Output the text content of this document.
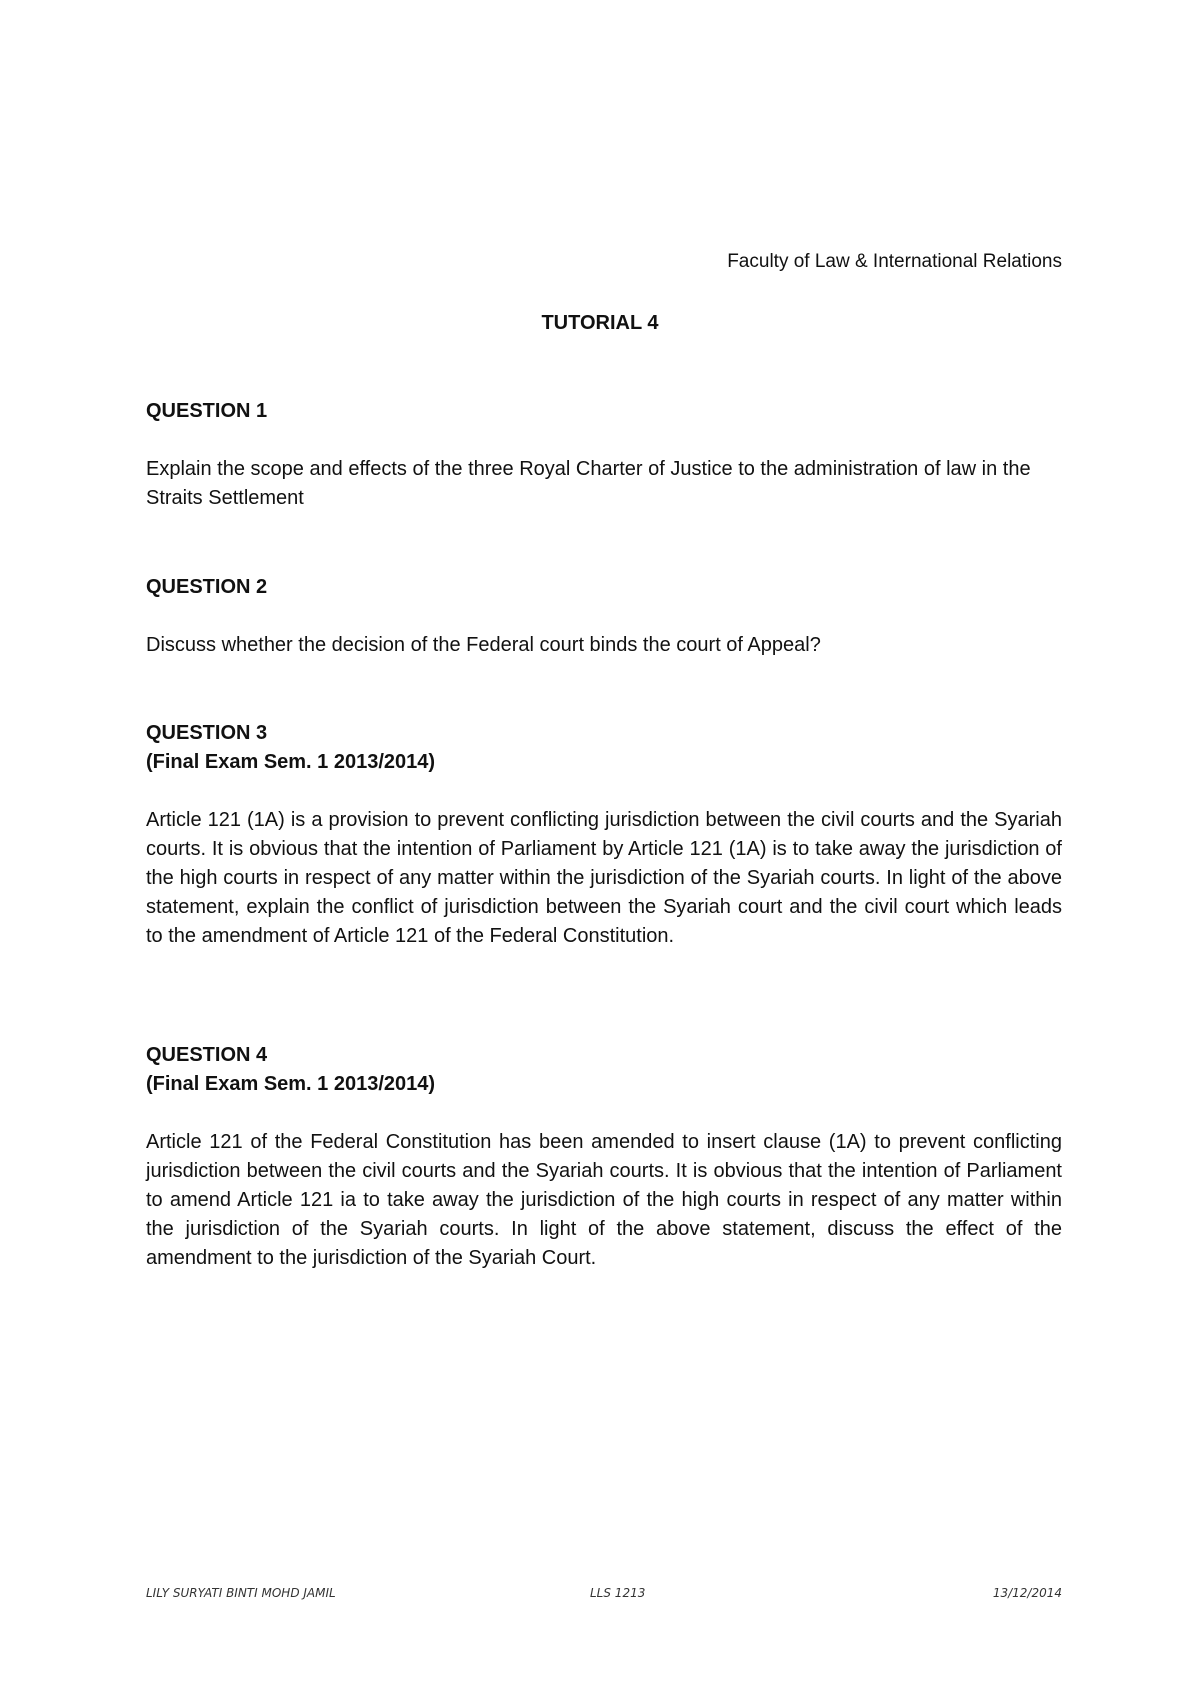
Faculty of Law & International Relations
TUTORIAL 4
QUESTION 1
Explain the scope and effects of the three Royal Charter of Justice to the administration of law in the Straits Settlement
QUESTION 2
Discuss whether the decision of the Federal court binds the court of Appeal?
QUESTION 3
(Final Exam Sem. 1 2013/2014)
Article 121 (1A) is a provision to prevent conflicting jurisdiction between the civil courts and the Syariah courts. It is obvious that the intention of Parliament by Article 121 (1A) is to take away the jurisdiction of the high courts in respect of any matter within the jurisdiction of the Syariah courts. In light of the above statement, explain the conflict of jurisdiction between the Syariah court and the civil court which leads to the amendment of Article 121 of the Federal Constitution.
QUESTION 4
(Final Exam Sem. 1 2013/2014)
Article 121 of the Federal Constitution has been amended to insert clause (1A) to prevent conflicting jurisdiction between the civil courts and the Syariah courts. It is obvious that the intention of Parliament to amend Article 121 ia to take away the jurisdiction of the high courts in respect of any matter within the jurisdiction of the Syariah courts. In light of the above statement, discuss the effect of the amendment to the jurisdiction of the Syariah Court.
LILY SURYATI BINTI MOHD JAMIL	LLS 1213	13/12/2014
